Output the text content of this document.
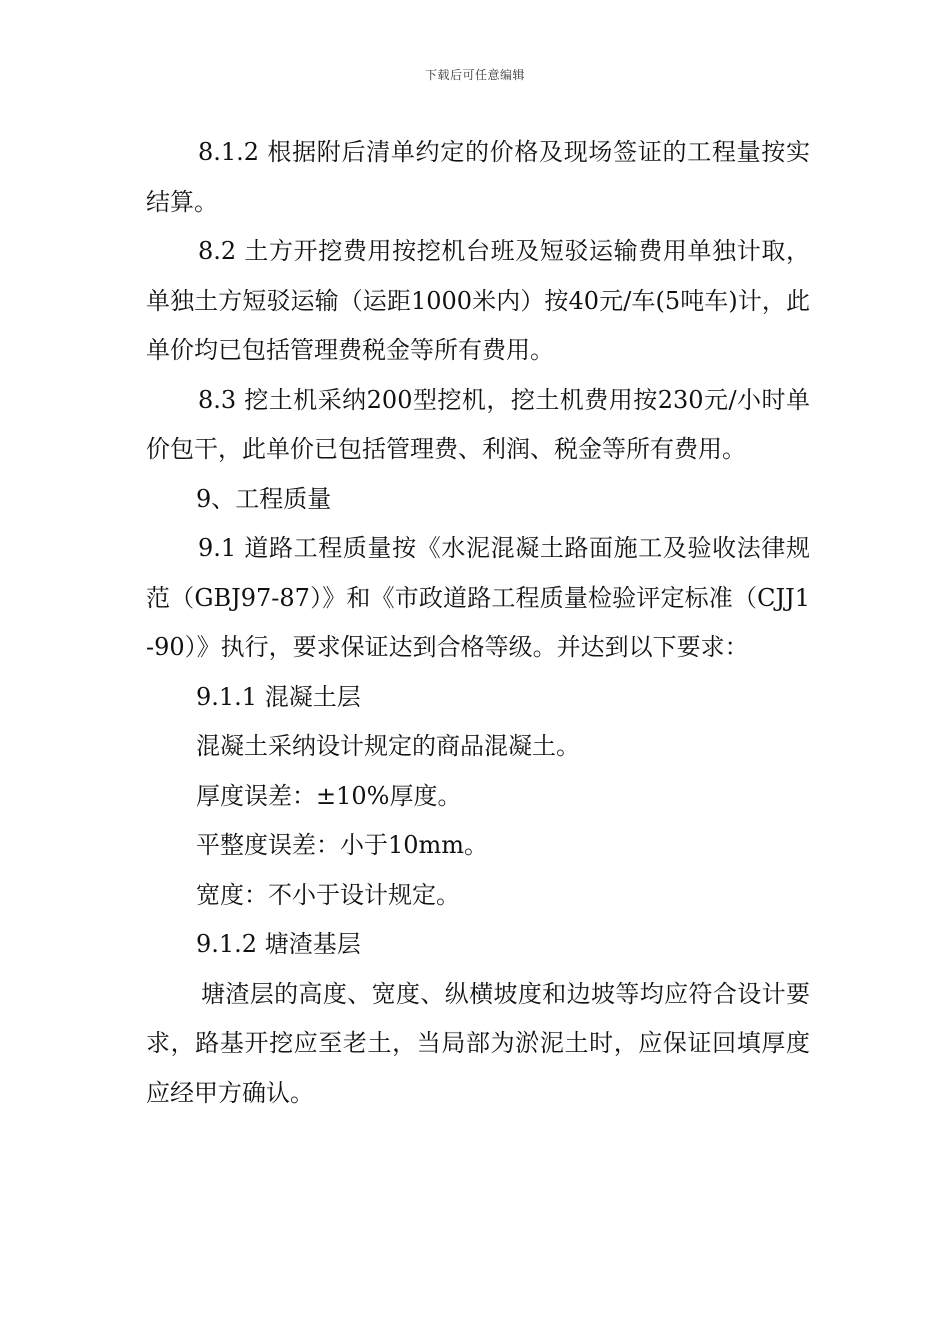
下载后可任意编辑

8.1.2 根据附后清单约定的价格及现场签证的工程量按实结算。

8.2 土方开挖费用按挖机台班及短驳运输费用单独计取，单独土方短驳运输（运距1000米内）按40元/车(5吨车)计，此单价均已包括管理费税金等所有费用。

8.3 挖土机采纳200型挖机，挖土机费用按230元/小时单价包干，此单价已包括管理费、利润、税金等所有费用。

9、工程质量

9.1 道路工程质量按《水泥混凝土路面施工及验收法律规范（GBJ97-87）》和《市政道路工程质量检验评定标准（CJJ1-90）》执行，要求保证达到合格等级。并达到以下要求：

9.1.1 混凝土层

混凝土采纳设计规定的商品混凝土。

厚度误差：±10%厚度。

平整度误差：小于10mm。

宽度：不小于设计规定。

9.1.2 塘渣基层

塘渣层的高度、宽度、纵横坡度和边坡等均应符合设计要求，路基开挖应至老土，当局部为淤泥土时，应保证回填厚度应经甲方确认。
